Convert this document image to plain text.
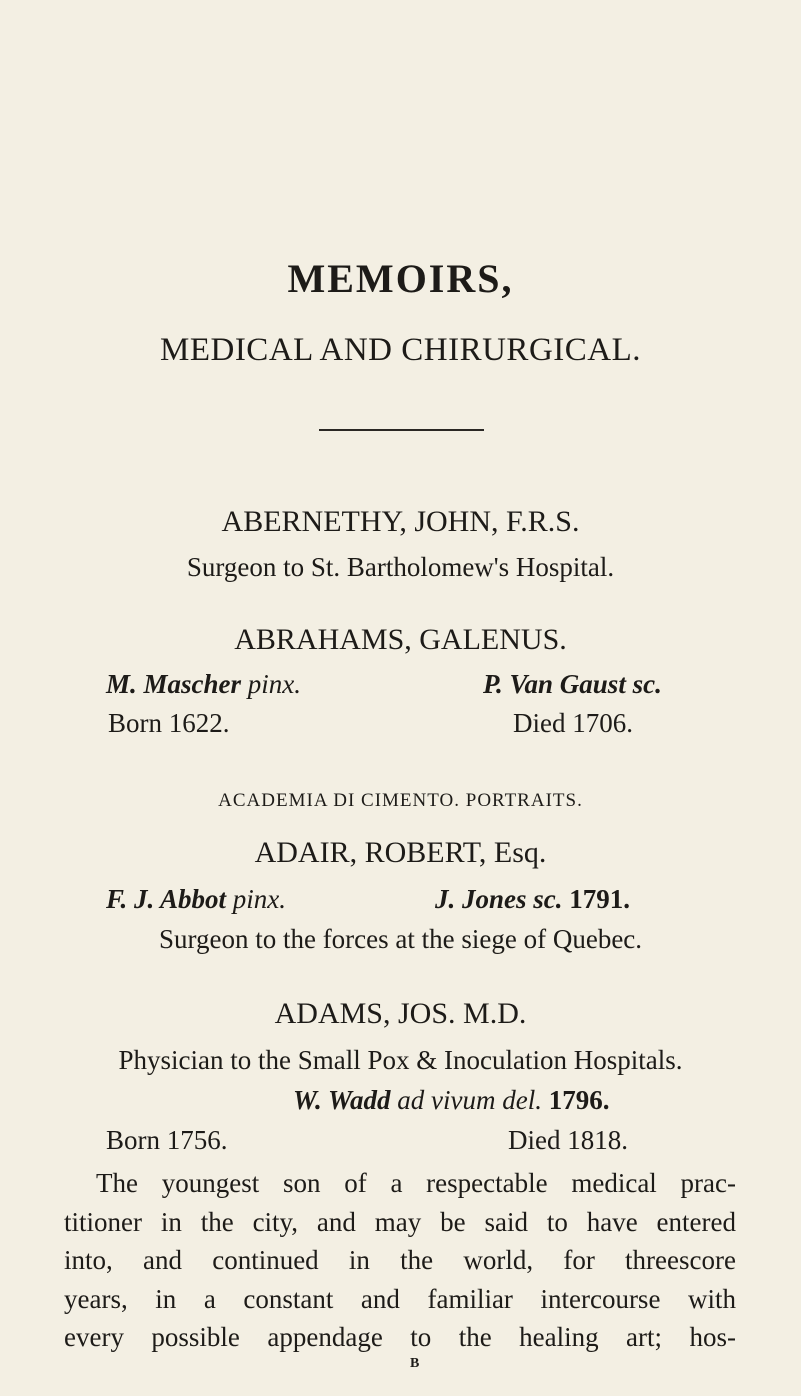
MEMOIRS,
MEDICAL AND CHIRURGICAL.
ABERNETHY, JOHN, F.R.S.
Surgeon to St. Bartholomew's Hospital.
ABRAHAMS, GALENUS.
M. Mascher pinx.	P. Van Gaust sc.
Born 1622.	Died 1706.
ACADEMIA DI CIMENTO. PORTRAITS.
ADAIR, ROBERT, Esq.
F. J. Abbot pinx.	J. Jones sc. 1791.
Surgeon to the forces at the siege of Quebec.
ADAMS, JOS. M.D.
Physician to the Small Pox & Inoculation Hospitals.
W. Wadd ad vivum del. 1796.
Born 1756.	Died 1818.
The youngest son of a respectable medical prac-
titioner in the city, and may be said to have entered
into, and continued in the world, for threescore
years, in a constant and familiar intercourse with
every possible appendage to the healing art; hos-
B
